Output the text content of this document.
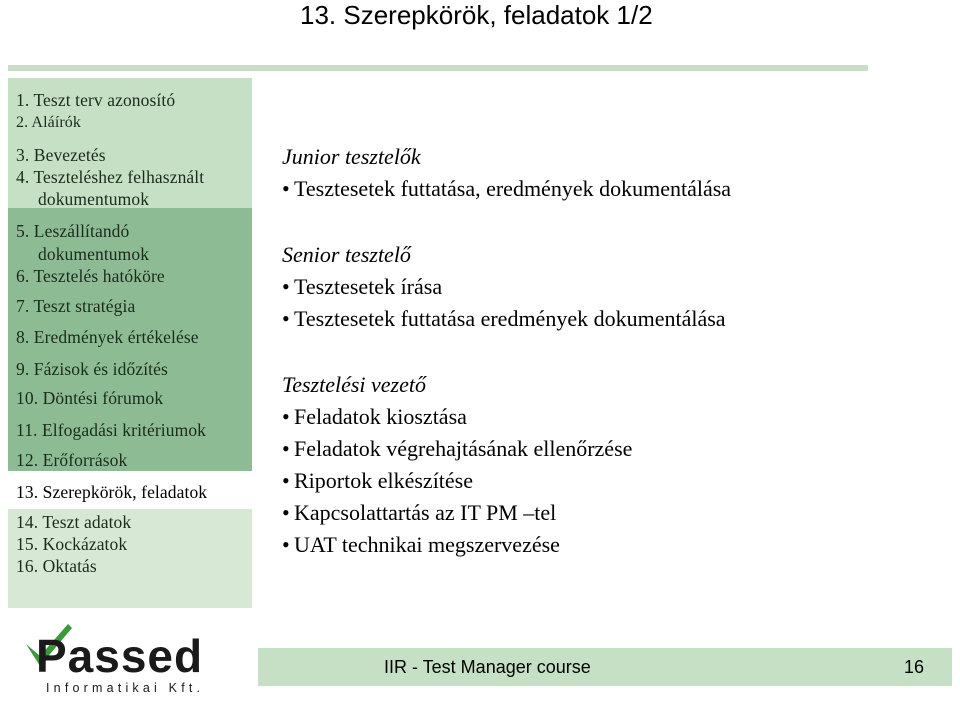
13. Szerepkörök, feladatok 1/2
1. Teszt terv azonosító
2. Aláírók
3. Bevezetés
4. Teszteléshez felhasznált
dokumentumok
5. Leszállítandó
dokumentumok
6. Tesztelés hatóköre
7. Teszt stratégia
8. Eredmények értékelése
9. Fázisok és időzítés
10. Döntési fórumok
11. Elfogadási kritériumok
12. Erőforrások
13. Szerepkörök, feladatok
14. Teszt adatok
15. Kockázatok
16. Oktatás
Junior tesztelők
• Tesztesetek futtatása, eredmények dokumentálása
Senior tesztelő
• Tesztesetek írása
• Tesztesetek futtatása eredmények dokumentálása
Tesztelési vezető
• Feladatok kiosztása
• Feladatok végrehajtásának ellenőrzése
• Riportok elkészítése
• Kapcsolattartás az IT PM –tel
• UAT technikai megszervezése
Passed
Informatikai Kft.
IIR - Test Manager course	16
